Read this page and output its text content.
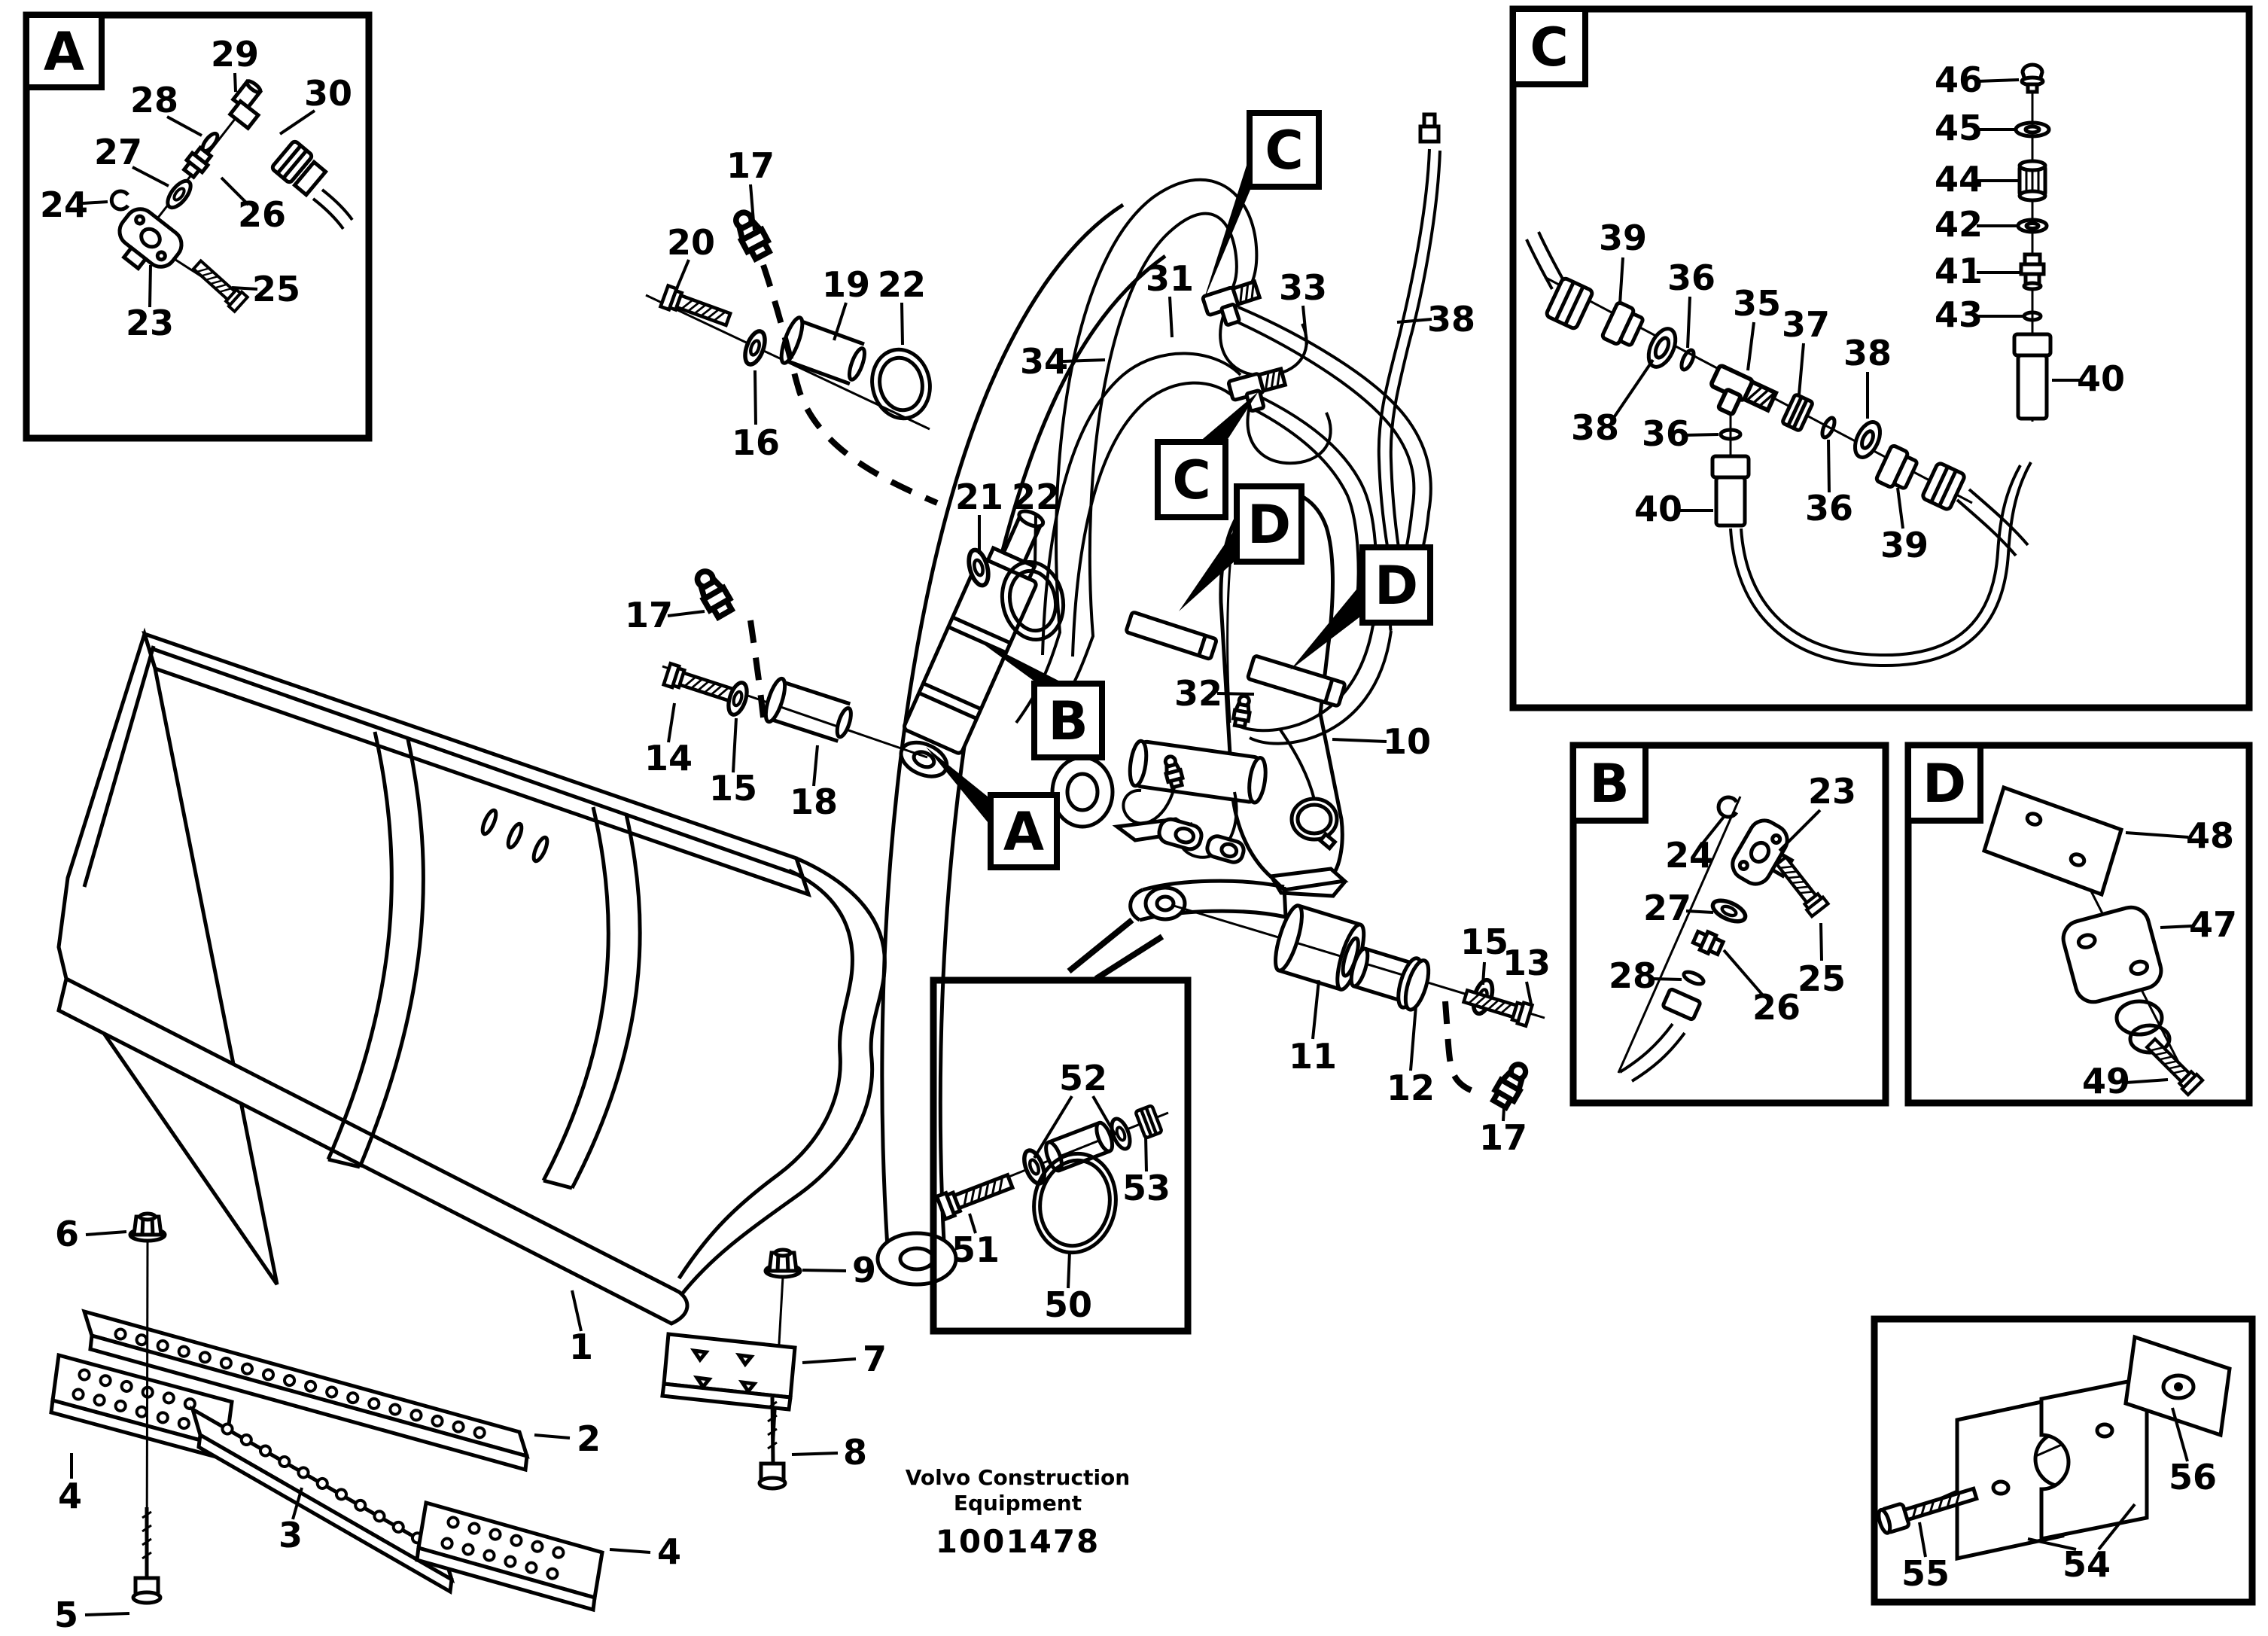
17
20
19 22
16
21 22
34
31 33
38
32
10
17
14
15 18
11
12
15
13
17
1
2
3
4
5
6
4
7
8
9
C
C
D
D
B
A
A	29
28	30
27
24	26
25
23
C
39
36
35
37
38
38 36
40	36
39
46
45
44
42
41
43
40
B	23
24
27
28
26
25
D
48
47
49
52
51
50
53
55	54
56
Volvo Construction
Equipment
1001478
